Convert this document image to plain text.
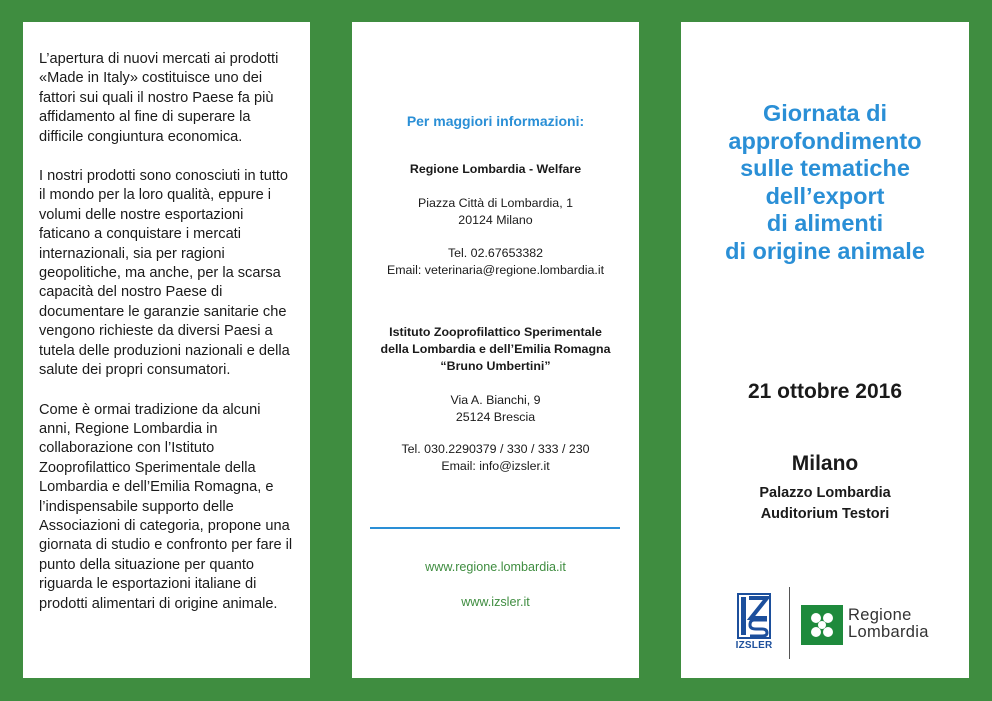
L’apertura di nuovi mercati ai prodotti «Made in Italy» costituisce uno dei fattori sui quali il nostro Paese fa più affidamento al fine di superare la difficile congiuntura economica.

I nostri prodotti sono conosciuti in tutto il mondo per la loro qualità, eppure i volumi delle nostre esportazioni faticano a conquistare i mercati internazionali, sia per ragioni geopolitiche, ma anche, per la scarsa capacità del nostro Paese di documentare le garanzie sanitarie che vengono richieste da diversi Paesi a tutela delle produzioni nazionali e della salute dei propri consumatori.

Come è ormai tradizione da alcuni anni, Regione Lombardia in collaborazione con l’Istituto Zooprofilattico Sperimentale della Lombardia e dell’Emilia Romagna, e l’indispensabile supporto delle Associazioni di categoria, propone una giornata di studio e confronto per fare il punto della situazione per quanto riguarda le esportazioni italiane di prodotti alimentari di origine animale.

Per maggiori informazioni:
Regione Lombardia - Welfare
Piazza Città di Lombardia, 1
20124 Milano
Tel. 02.67653382
Email: veterinaria@regione.lombardia.it
Istituto Zooprofilattico Sperimentale
della Lombardia e dell’Emilia Romagna
“Bruno Umbertini”
Via A. Bianchi, 9
25124 Brescia
Tel. 030.2290379 / 330 / 333 / 230
Email: info@izsler.it
www.regione.lombardia.it
www.izsler.it
Giornata di
approfondimento
sulle tematiche
dell’export
di alimenti
di origine animale
21 ottobre 2016
Milano
Palazzo Lombardia
Auditorium Testori
IZSLER
Regione
Lombardia
